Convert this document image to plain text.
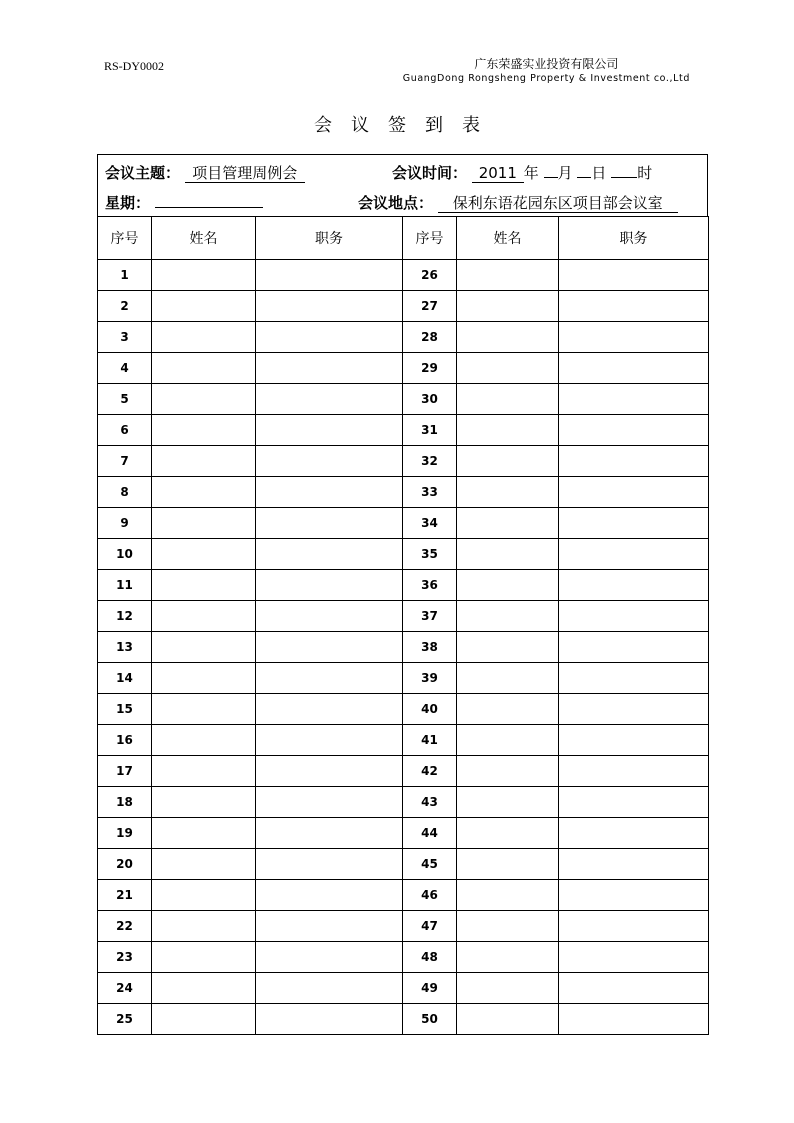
RS-DY0002	广东荣盛实业投资有限公司
GuangDong Rongsheng Property & Investment co.,Ltd
会议签到表
会议主题： 项目管理周例会	会议时间： 2011 年 月 日 时
星期：	会议地点： 保利东语花园东区项目部会议室
序号	姓名	职务	序号	姓名	职务
1			26		
2			27		
3			28		
4			29		
5			30		
6			31		
7			32		
8			33		
9			34		
10			35		
11			36		
12			37		
13			38		
14			39		
15			40		
16			41		
17			42		
18			43		
19			44		
20			45		
21			46		
22			47		
23			48		
24			49		
25			50		
